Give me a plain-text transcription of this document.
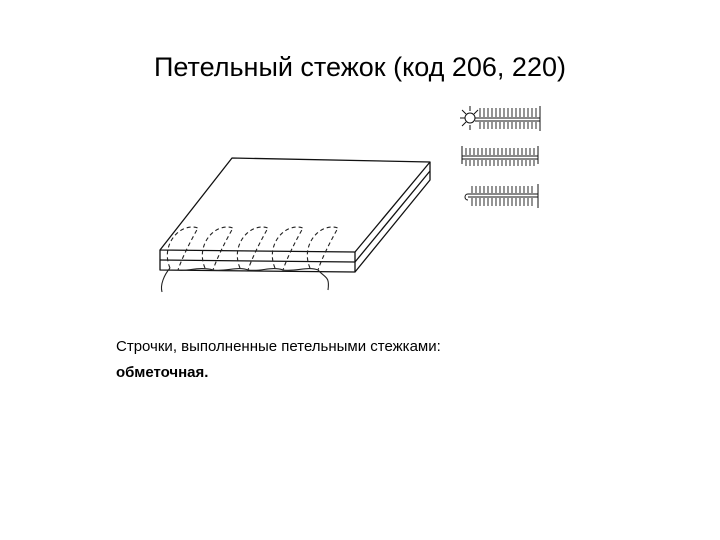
Петельный стежок (код 206, 220)
Строчки, выполненные петельными стежками:
обметочная.
